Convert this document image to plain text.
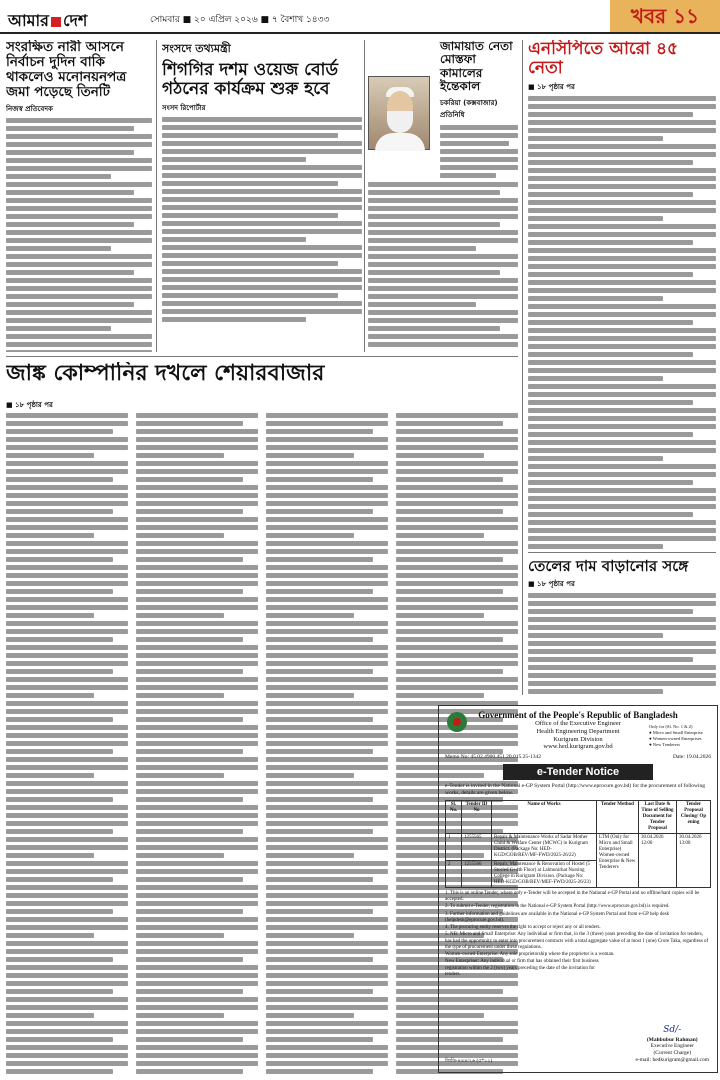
আমার দেশ	সোমবার ■ ২০ এপ্রিল ২০২৬ ■ ৭ বৈশাখ ১৪৩৩	খবর ১১
সংরক্ষিত নারী আসনে নির্বাচন দুদিন বাকি থাকলেও মনোনয়নপত্র জমা পড়েছে তিনটি
নিজস্ব প্রতিবেদক
সংসদে তথ্যমন্ত্রী
শিগগির দশম ওয়েজ বোর্ড গঠনের কার্যক্রম শুরু হবে
সংসদ রিপোর্টার
জামায়াত নেতা মোস্তফা কামালের ইন্তেকাল
চকরিয়া (কক্সবাজার) প্রতিনিধি
এনসিপিতে আরো ৪৫ নেতা
■ ১৮ পৃষ্ঠার পর
জাঙ্ক কোম্পানির দখলে শেয়ারবাজার
■ ১৮ পৃষ্ঠার পর
তেলের দাম বাড়ানোর সঙ্গে
■ ১৮ পৃষ্ঠার পর
Only for (Sl. No. 1 & 2)
● Micro and Small Enterprise
● Women-owned Enterprises
● New Tenderers
Government of the People's Republic of Bangladesh
Office of the Executive Engineer
Health Engineering Department
Kurigram Division
www.hed.kurigram.gov.bd
Memo No: 45.02.4900.451.20.015.25-1342	Date: 19.04.2026
e-Tender Notice
e-Tender is invited in the National e-GP System Portal (http://www.eprocure.gov.bd) for the procurement of following works, details are given below.
Sl. No.	Tender ID No	Name of Works	Tender Method	Last Date & Time of Selling Document for Tender Proposal	Tender Proposal Closing/ Op ening
1	1255565	Repair & Maintenance Works of Sadar Mother Child & Welfare Center (MCWC) in Kurigram District. (Package No: HED-KGD/GOB/REV/MF-FWD/2025-26/22)	LTM (Only for Micro and Small Enterprise) Women-owned Enterprise & New Tenderers	30.04.2026 12:00	30.04.2026 13:00
2	1255566	Repair, Maintenance & Renovation of Hostel (5 Storied G+4th Floor) at Lalmonirhat Nursing College in Kurigram Division. (Package No: HED-KGD/GOB/REV/MEF-FWD/2025-26/23)			

1. This is an online Tender, where only e-Tender will be accepted in the National e-GP Portal and no offline/hard copies will be accepted.

2. To submit e-Tender, registration in the National e-GP System Portal (http://www.eprocure.gov.bd) is required.

3. Further information and guidelines are available in the National e-GP System Portal and from e-GP help desk (helpdesk@eprocure.gov.bd).

4. The procuring entity reserves the right to accept or reject any or all tenders.

5. NB: Micro and Small Enterprise: Any individual or firm that, in the 3 (three) years preceding the date of invitation for tenders, has had the opportunity to enter into procurement contracts with a total aggregate value of at most 1 (one) Crore Taka, regardless of the type of procurement under these regulations.

Women-owned Enterprise: Any sole proprietorship where the proprietor is a woman.

New Enterpriser: Any individual or firm that has obtained their first business registration within the 2 (two) years preceding the date of the invitation for tenders.

Sd/-
(Mahbubur Rahman)
Executive Engineer
(Current Charge)
e-mail: hedkurigram@gmail.com
জিডি-৪৪৪/২৬ (৫*১১)
